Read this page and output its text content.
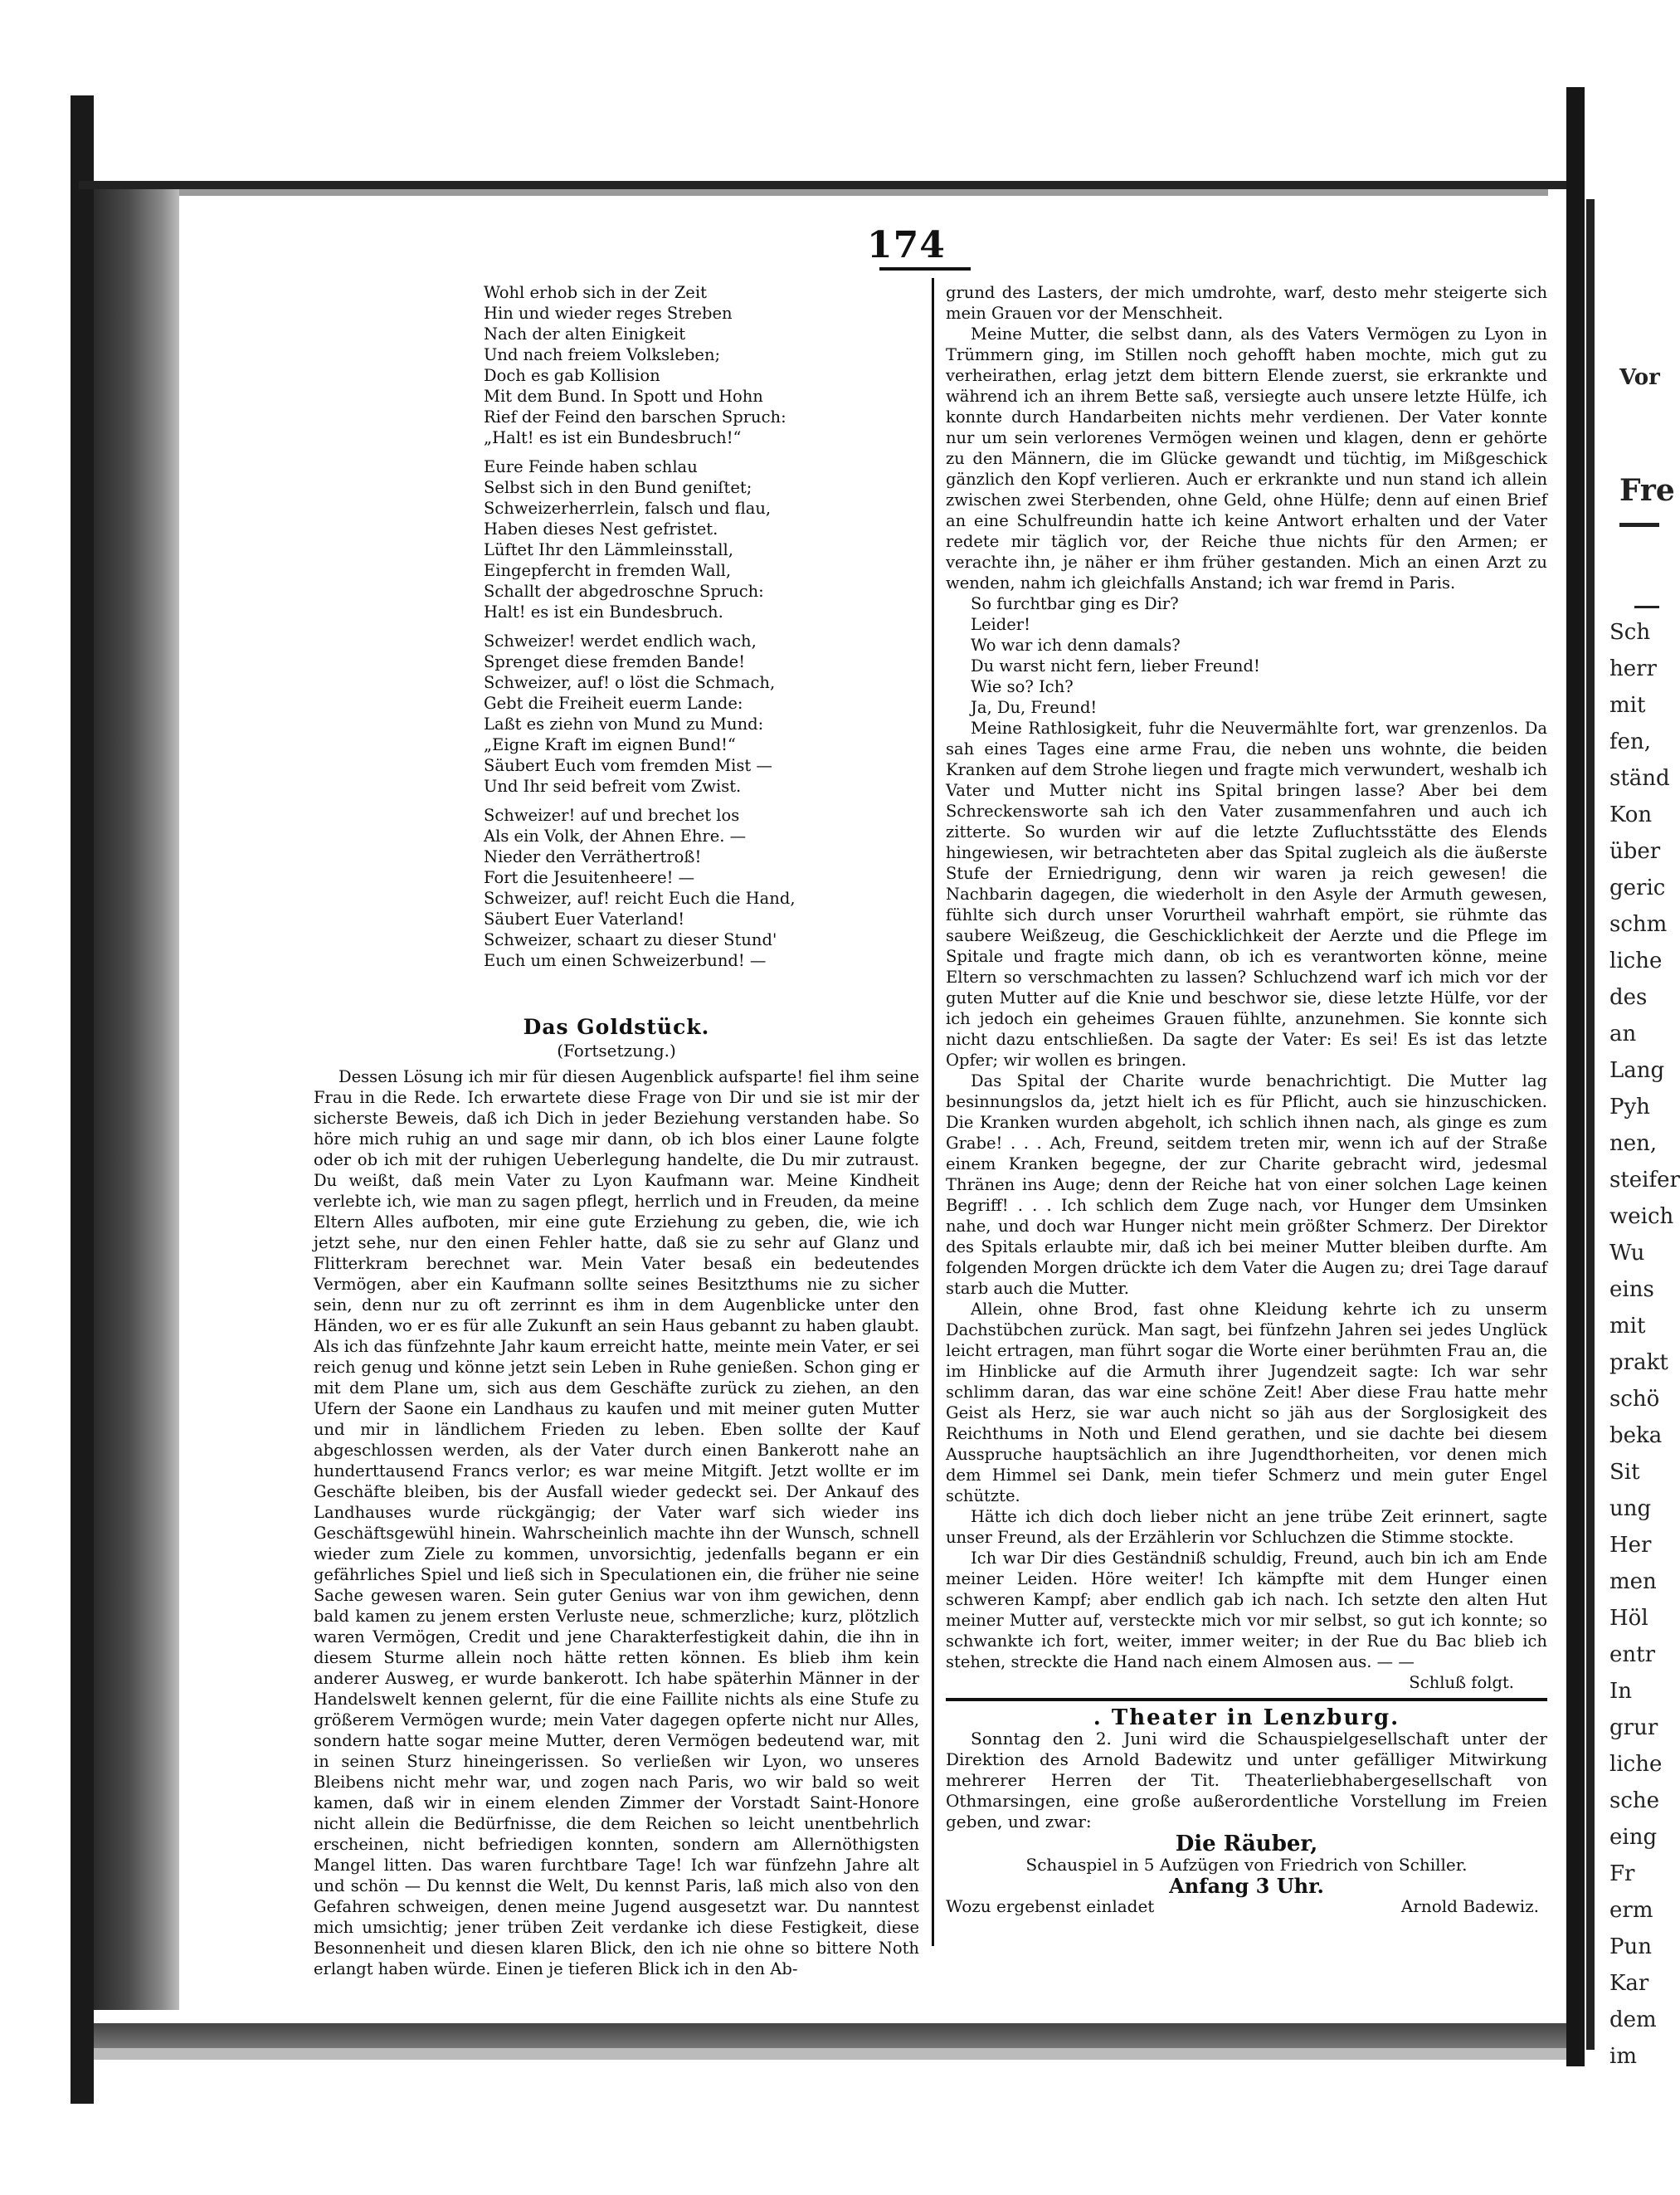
Vor
Fre
Sch
herr
mit
fen,
ständ
Kon
über
geric
schm
liche
des
an
Lang
Pyh
nen,
steifer
weich
Wu
eins
mit
prakt
schö
beka
Sit
ung
Her
men
Höl
entr
In
grur
liche
sche
eing
Fr
erm
Pun
Kar
dem
im
174
Wohl erhob sich in der Zeit
Hin und wieder reges Streben
Nach der alten Einigkeit
Und nach freiem Volksleben;
Doch es gab Kollision
Mit dem Bund. In Spott und Hohn
Rief der Feind den barschen Spruch:
„Halt! es ist ein Bundesbruch!“
Eure Feinde haben schlau
Selbst sich in den Bund geniſtet;
Schweizerherrlein, falsch und flau,
Haben dieses Nest gefristet.
Lüftet Ihr den Lämmleinsstall,
Eingepfercht in fremden Wall,
Schallt der abgedroschne Spruch:
Halt! es ist ein Bundesbruch.
Schweizer! werdet endlich wach,
Sprenget diese fremden Bande!
Schweizer, auf! o löst die Schmach,
Gebt die Freiheit euerm Lande:
Laßt es ziehn von Mund zu Mund:
„Eigne Kraft im eignen Bund!“
Säubert Euch vom fremden Mist —
Und Ihr seid befreit vom Zwist.
Schweizer! auf und brechet los
Als ein Volk, der Ahnen Ehre. —
Nieder den Verräthertroß!
Fort die Jesuitenheere! —
Schweizer, auf! reicht Euch die Hand,
Säubert Euer Vaterland!
Schweizer, schaart zu dieser Stund'
Euch um einen Schweizerbund! —
Das Goldstück.
(Fortsetzung.)

Dessen Lösung ich mir für diesen Augenblick aufsparte! fiel ihm seine Frau in die Rede. Ich erwartete diese Frage von Dir und sie ist mir der sicherste Beweis, daß ich Dich in jeder Beziehung verstanden habe. So höre mich ruhig an und sage mir dann, ob ich blos einer Laune folgte oder ob ich mit der ruhigen Ueberlegung handelte, die Du mir zutraust. Du weißt, daß mein Vater zu Lyon Kaufmann war. Meine Kindheit verlebte ich, wie man zu sagen pflegt, herrlich und in Freuden, da meine Eltern Alles aufboten, mir eine gute Erziehung zu geben, die, wie ich jetzt sehe, nur den einen Fehler hatte, daß sie zu sehr auf Glanz und Flitterkram berechnet war. Mein Vater besaß ein bedeutendes Vermögen, aber ein Kaufmann sollte seines Besitzthums nie zu sicher sein, denn nur zu oft zerrinnt es ihm in dem Augenblicke unter den Händen, wo er es für alle Zukunft an sein Haus gebannt zu haben glaubt. Als ich das fünfzehnte Jahr kaum erreicht hatte, meinte mein Vater, er sei reich genug und könne jetzt sein Leben in Ruhe genießen. Schon ging er mit dem Plane um, sich aus dem Geschäfte zurück zu ziehen, an den Ufern der Saone ein Landhaus zu kaufen und mit meiner guten Mutter und mir in ländlichem Frieden zu leben. Eben sollte der Kauf abgeschlossen werden, als der Vater durch einen Bankerott nahe an hunderttausend Francs verlor; es war meine Mitgift. Jetzt wollte er im Geschäfte bleiben, bis der Ausfall wieder gedeckt sei. Der Ankauf des Landhauses wurde rückgängig; der Vater warf sich wieder ins Geschäftsgewühl hinein. Wahrscheinlich machte ihn der Wunsch, schnell wieder zum Ziele zu kommen, unvorsichtig, jedenfalls begann er ein gefährliches Spiel und ließ sich in Speculationen ein, die früher nie seine Sache gewesen waren. Sein guter Genius war von ihm gewichen, denn bald kamen zu jenem ersten Verluste neue, schmerzliche; kurz, plötzlich waren Vermögen, Credit und jene Charakterfestigkeit dahin, die ihn in diesem Sturme allein noch hätte retten können. Es blieb ihm kein anderer Ausweg, er wurde bankerott. Ich habe späterhin Männer in der Handelswelt kennen gelernt, für die eine Faillite nichts als eine Stufe zu größerem Vermögen wurde; mein Vater dagegen opferte nicht nur Alles, sondern hatte sogar meine Mutter, deren Vermögen bedeutend war, mit in seinen Sturz hineingerissen. So verließen wir Lyon, wo unseres Bleibens nicht mehr war, und zogen nach Paris, wo wir bald so weit kamen, daß wir in einem elenden Zimmer der Vorstadt Saint-Honore nicht allein die Bedürfnisse, die dem Reichen so leicht unentbehrlich erscheinen, nicht befriedigen konnten, sondern am Allernöthigsten Mangel litten. Das waren furchtbare Tage! Ich war fünfzehn Jahre alt und schön — Du kennst die Welt, Du kennst Paris, laß mich also von den Gefahren schweigen, denen meine Jugend ausgesetzt war. Du nanntest mich umsichtig; jener trüben Zeit verdanke ich diese Festigkeit, diese Besonnenheit und diesen klaren Blick, den ich nie ohne so bittere Noth erlangt haben würde. Einen je tieferen Blick ich in den Ab-

grund des Lasters, der mich umdrohte, warf, desto mehr steigerte sich mein Grauen vor der Menschheit.

Meine Mutter, die selbst dann, als des Vaters Vermögen zu Lyon in Trümmern ging, im Stillen noch gehofft haben mochte, mich gut zu verheirathen, erlag jetzt dem bittern Elende zuerst, sie erkrankte und während ich an ihrem Bette saß, versiegte auch unsere letzte Hülfe, ich konnte durch Handarbeiten nichts mehr verdienen. Der Vater konnte nur um sein verlorenes Vermögen weinen und klagen, denn er gehörte zu den Männern, die im Glücke gewandt und tüchtig, im Mißgeschick gänzlich den Kopf verlieren. Auch er erkrankte und nun stand ich allein zwischen zwei Sterbenden, ohne Geld, ohne Hülfe; denn auf einen Brief an eine Schulfreundin hatte ich keine Antwort erhalten und der Vater redete mir täglich vor, der Reiche thue nichts für den Armen; er verachte ihn, je näher er ihm früher gestanden. Mich an einen Arzt zu wenden, nahm ich gleichfalls Anstand; ich war fremd in Paris.

So furchtbar ging es Dir?
Leider!
Wo war ich denn damals?
Du warst nicht fern, lieber Freund!
Wie so? Ich?
Ja, Du, Freund!

Meine Rathlosigkeit, fuhr die Neuvermählte fort, war grenzenlos. Da sah eines Tages eine arme Frau, die neben uns wohnte, die beiden Kranken auf dem Strohe liegen und fragte mich verwundert, weshalb ich Vater und Mutter nicht ins Spital bringen lasse? Aber bei dem Schreckensworte sah ich den Vater zusammenfahren und auch ich zitterte. So wurden wir auf die letzte Zufluchtsstätte des Elends hingewiesen, wir betrachteten aber das Spital zugleich als die äußerste Stufe der Erniedrigung, denn wir waren ja reich gewesen! die Nachbarin dagegen, die wiederholt in den Asyle der Armuth gewesen, fühlte sich durch unser Vorurtheil wahrhaft empört, sie rühmte das saubere Weißzeug, die Geschicklichkeit der Aerzte und die Pflege im Spitale und fragte mich dann, ob ich es verantworten könne, meine Eltern so verschmachten zu lassen? Schluchzend warf ich mich vor der guten Mutter auf die Knie und beschwor sie, diese letzte Hülfe, vor der ich jedoch ein geheimes Grauen fühlte, anzunehmen. Sie konnte sich nicht dazu entschließen. Da sagte der Vater: Es sei! Es ist das letzte Opfer; wir wollen es bringen.

Das Spital der Charite wurde benachrichtigt. Die Mutter lag besinnungslos da, jetzt hielt ich es für Pflicht, auch sie hinzuschicken. Die Kranken wurden abgeholt, ich schlich ihnen nach, als ginge es zum Grabe! . . . Ach, Freund, seitdem treten mir, wenn ich auf der Straße einem Kranken begegne, der zur Charite gebracht wird, jedesmal Thränen ins Auge; denn der Reiche hat von einer solchen Lage keinen Begriff! . . . Ich schlich dem Zuge nach, vor Hunger dem Umsinken nahe, und doch war Hunger nicht mein größter Schmerz. Der Direktor des Spitals erlaubte mir, daß ich bei meiner Mutter bleiben durfte. Am folgenden Morgen drückte ich dem Vater die Augen zu; drei Tage darauf starb auch die Mutter.

Allein, ohne Brod, fast ohne Kleidung kehrte ich zu unserm Dachstübchen zurück. Man sagt, bei fünfzehn Jahren sei jedes Unglück leicht ertragen, man führt sogar die Worte einer berühmten Frau an, die im Hinblicke auf die Armuth ihrer Jugendzeit sagte: Ich war sehr schlimm daran, das war eine schöne Zeit! Aber diese Frau hatte mehr Geist als Herz, sie war auch nicht so jäh aus der Sorglosigkeit des Reichthums in Noth und Elend gerathen, und sie dachte bei diesem Ausspruche hauptsächlich an ihre Jugendthorheiten, vor denen mich dem Himmel sei Dank, mein tiefer Schmerz und mein guter Engel schützte.

Hätte ich dich doch lieber nicht an jene trübe Zeit erinnert, sagte unser Freund, als der Erzählerin vor Schluchzen die Stimme stockte.

Ich war Dir dies Geständniß schuldig, Freund, auch bin ich am Ende meiner Leiden. Höre weiter! Ich kämpfte mit dem Hunger einen schweren Kampf; aber endlich gab ich nach. Ich setzte den alten Hut meiner Mutter auf, versteckte mich vor mir selbst, so gut ich konnte; so schwankte ich fort, weiter, immer weiter; in der Rue du Bac blieb ich stehen, streckte die Hand nach einem Almosen aus. — —

Schluß folgt.
. Theater in Lenzburg.
Sonntag den 2. Juni wird die Schauspielgesellschaft unter der Direktion des Arnold Badewitz und unter gefälliger Mitwirkung mehrerer Herren der Tit. Theaterliebhabergesellschaft von Othmarsingen, eine große außerordentliche Vorstellung im Freien geben, und zwar:
Die Räuber,
Schauspiel in 5 Aufzügen von Friedrich von Schiller.
Anfang 3 Uhr.
Wozu ergebenst einladet	Arnold Badewiz.
